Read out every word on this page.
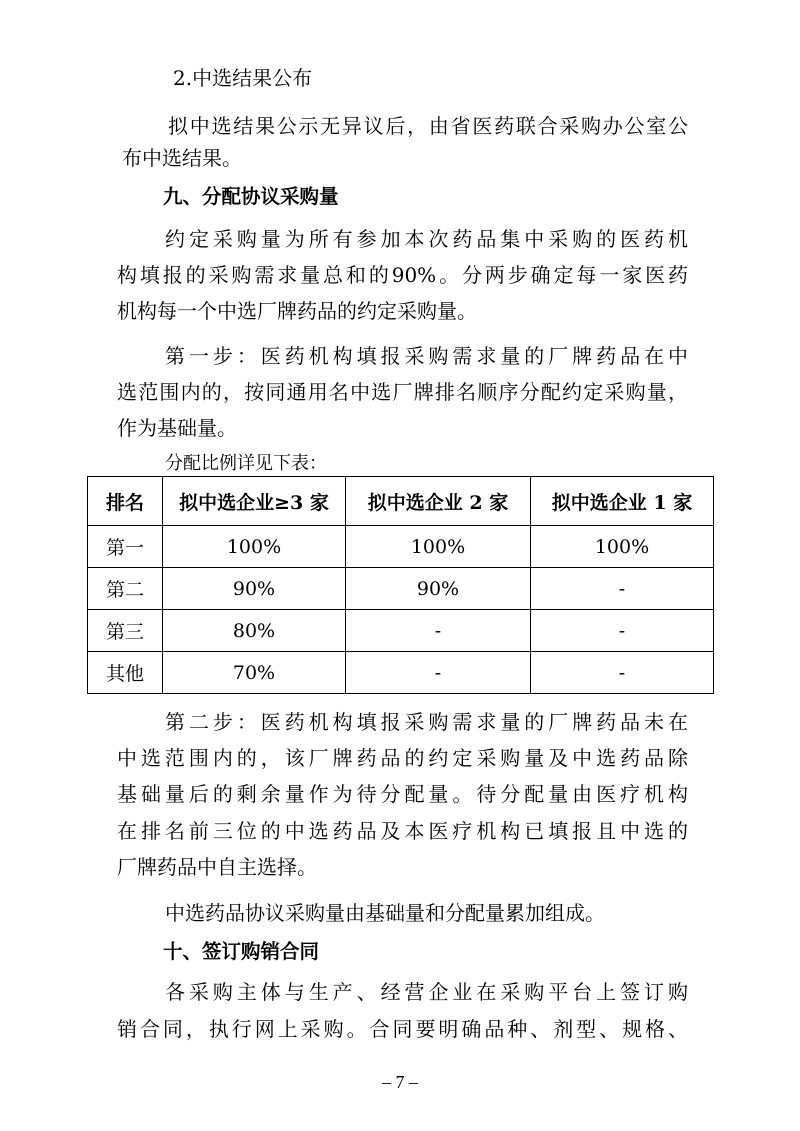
2.中选结果公布

拟中选结果公示无异议后，由省医药联合采购办公室公

布中选结果。

九、分配协议采购量

约定采购量为所有参加本次药品集中采购的医药机

构填报的采购需求量总和的90%。分两步确定每一家医药

机构每一个中选厂牌药品的约定采购量。

第一步：医药机构填报采购需求量的厂牌药品在中

选范围内的，按同通用名中选厂牌排名顺序分配约定采购量，

作为基础量。

分配比例详见下表：

排名	拟中选企业≥3 家	拟中选企业 2 家	拟中选企业 1 家
第一	100%	100%	100%
第二	90%	90%	-
第三	80%	-	-
其他	70%	-	-

第二步：医药机构填报采购需求量的厂牌药品未在

中选范围内的，该厂牌药品的约定采购量及中选药品除

基础量后的剩余量作为待分配量。待分配量由医疗机构

在排名前三位的中选药品及本医疗机构已填报且中选的

厂牌药品中自主选择。

中选药品协议采购量由基础量和分配量累加组成。

十、签订购销合同

各采购主体与生产、经营企业在采购平台上签订购

销合同，执行网上采购。合同要明确品种、剂型、规格、

– 7 –
